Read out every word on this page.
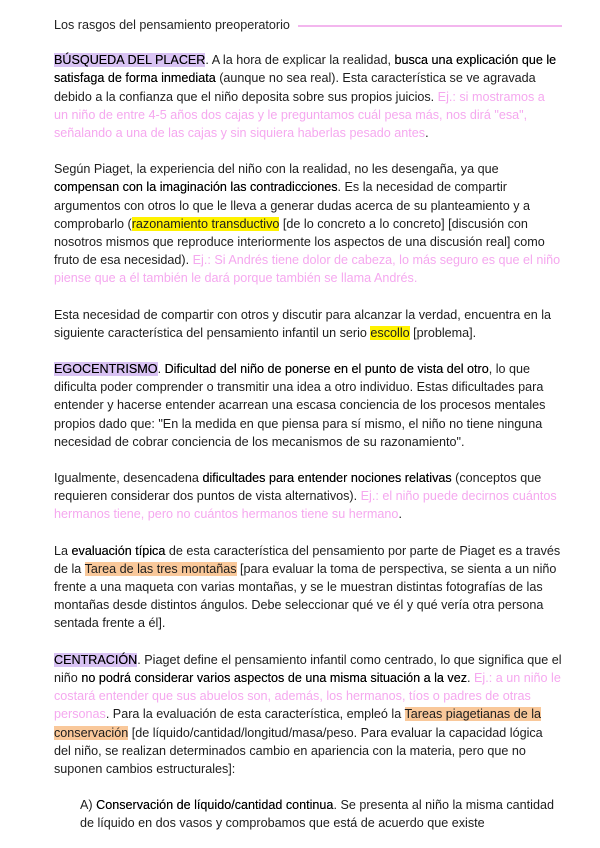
Los rasgos del pensamiento preoperatorio

BÚSQUEDA DEL PLACER. A la hora de explicar la realidad, busca una explicación que le satisfaga de forma inmediata (aunque no sea real). Esta característica se ve agravada debido a la confianza que el niño deposita sobre sus propios juicios. Ej.: si mostramos a un niño de entre 4-5 años dos cajas y le preguntamos cuál pesa más, nos dirá "esa", señalando a una de las cajas y sin siquiera haberlas pesado antes.

Según Piaget, la experiencia del niño con la realidad, no les desengaña, ya que compensan con la imaginación las contradicciones. Es la necesidad de compartir argumentos con otros lo que le lleva a generar dudas acerca de su planteamiento y a comprobarlo (razonamiento transductivo [de lo concreto a lo concreto] [discusión con nosotros mismos que reproduce interiormente los aspectos de una discusión real] como fruto de esa necesidad). Ej.: Si Andrés tiene dolor de cabeza, lo más seguro es que el niño piense que a él también le dará porque también se llama Andrés.

Esta necesidad de compartir con otros y discutir para alcanzar la verdad, encuentra en la siguiente característica del pensamiento infantil un serio escollo [problema].

EGOCENTRISMO. Dificultad del niño de ponerse en el punto de vista del otro, lo que dificulta poder comprender o transmitir una idea a otro individuo. Estas dificultades para entender y hacerse entender acarrean una escasa conciencia de los procesos mentales propios dado que: "En la medida en que piensa para sí mismo, el niño no tiene ninguna necesidad de cobrar conciencia de los mecanismos de su razonamiento".

Igualmente, desencadena dificultades para entender nociones relativas (conceptos que requieren considerar dos puntos de vista alternativos). Ej.: el niño puede decirnos cuántos hermanos tiene, pero no cuántos hermanos tiene su hermano.

La evaluación típica de esta característica del pensamiento por parte de Piaget es a través de la Tarea de las tres montañas [para evaluar la toma de perspectiva, se sienta a un niño frente a una maqueta con varias montañas, y se le muestran distintas fotografías de las montañas desde distintos ángulos. Debe seleccionar qué ve él y qué vería otra persona sentada frente a él].

CENTRACIÓN. Piaget define el pensamiento infantil como centrado, lo que significa que el niño no podrá considerar varios aspectos de una misma situación a la vez. Ej.: a un niño le costará entender que sus abuelos son, además, los hermanos, tíos o padres de otras personas. Para la evaluación de esta característica, empleó la Tareas piagetianas de la conservación [de líquido/cantidad/longitud/masa/peso. Para evaluar la capacidad lógica del niño, se realizan determinados cambio en apariencia con la materia, pero que no suponen cambios estructurales]:

A) Conservación de líquido/cantidad continua. Se presenta al niño la misma cantidad de líquido en dos vasos y comprobamos que está de acuerdo que existe
